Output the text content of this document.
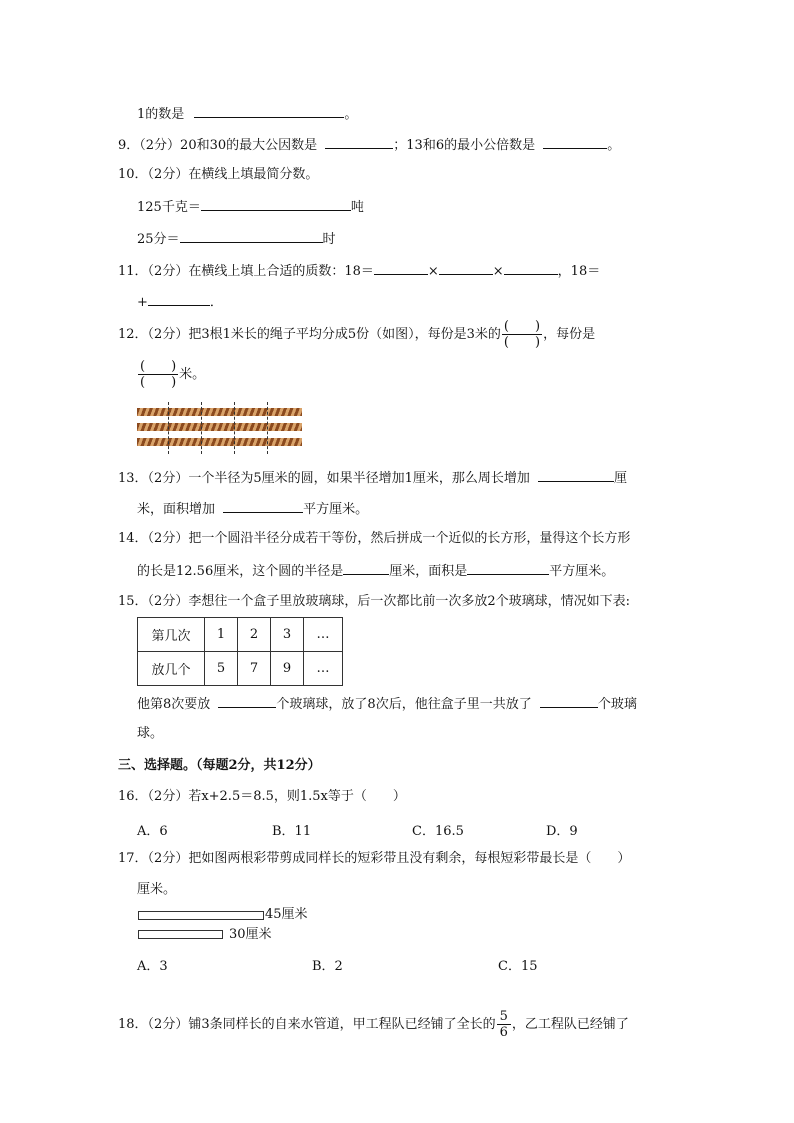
1的数是	。
9．（2分）20和30的最大公因数是	；13和6的最小公倍数是	。
10．（2分）在横线上填最简分数。
125千克＝	吨
25分＝	时
11．（2分）在横线上填上合适的质数：18＝	×	×	，18＝
+	．
12．（2分）把3根1米长的绳子平均分成5份（如图），每份是3米的 $\frac{( )}{( )}$ ，每份是
$\frac{( )}{( )}$ 米。
13．（2分）一个半径为5厘米的圆，如果半径增加1厘米，那么周长增加	厘
米，面积增加	平方厘米。
14．（2分）把一个圆沿半径分成若干等份，然后拼成一个近似的长方形，量得这个长方形
的长是12.56厘米，这个圆的半径是	厘米，面积是	平方厘米。
15．（2分）李想往一个盒子里放玻璃球，后一次都比前一次多放2个玻璃球，情况如下表:
第几次	1	2	3	…
放几个	5	7	9	…
他第8次要放	个玻璃球，放了8次后，他往盒子里一共放了	个玻璃
球。
三、选择题。（每题2分，共12分）
16．（2分）若x+2.5＝8.5，则1.5x等于（　　）
A．6	B．11	C．16.5	D．9
17．（2分）把如图两根彩带剪成同样长的短彩带且没有剩余，每根短彩带最长是（　　）
厘米。
45厘米
30厘米
A．3	B．2	C．15
18．（2分）铺3条同样长的自来水管道，甲工程队已经铺了全长的 $\frac{5}{6}$ ，乙工程队已经铺了
